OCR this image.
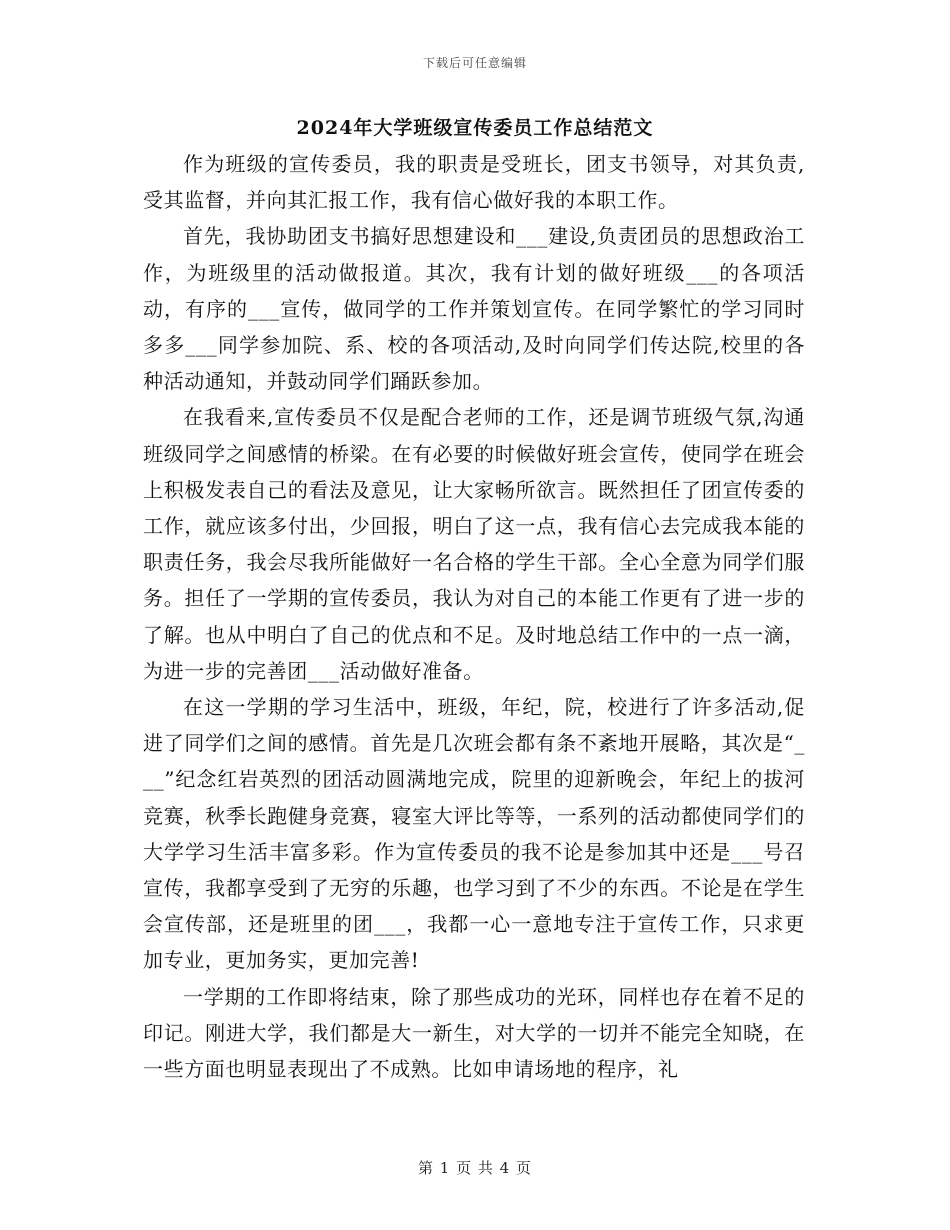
下载后可任意编辑
2024年大学班级宣传委员工作总结范文

作为班级的宣传委员，我的职责是受班长，团支书领导，对其负责,受其监督，并向其汇报工作，我有信心做好我的本职工作。

首先，我协助团支书搞好思想建设和___建设,负责团员的思想政治工作，为班级里的活动做报道。其次，我有计划的做好班级___的各项活动，有序的___宣传，做同学的工作并策划宣传。在同学繁忙的学习同时多多___同学参加院、系、校的各项活动,及时向同学们传达院,校里的各种活动通知，并鼓动同学们踊跃参加。

在我看来,宣传委员不仅是配合老师的工作，还是调节班级气氛,沟通班级同学之间感情的桥梁。在有必要的时候做好班会宣传，使同学在班会上积极发表自己的看法及意见，让大家畅所欲言。既然担任了团宣传委的工作，就应该多付出，少回报，明白了这一点，我有信心去完成我本能的职责任务，我会尽我所能做好一名合格的学生干部。全心全意为同学们服务。担任了一学期的宣传委员，我认为对自己的本能工作更有了进一步的了解。也从中明白了自己的优点和不足。及时地总结工作中的一点一滴，为进一步的完善团___活动做好准备。

在这一学期的学习生活中，班级，年纪，院，校进行了许多活动,促进了同学们之间的感情。首先是几次班会都有条不紊地开展略，其次是“___”纪念红岩英烈的团活动圆满地完成，院里的迎新晚会，年纪上的拔河竞赛，秋季长跑健身竞赛，寝室大评比等等，一系列的活动都使同学们的大学学习生活丰富多彩。作为宣传委员的我不论是参加其中还是___号召宣传，我都享受到了无穷的乐趣，也学习到了不少的东西。不论是在学生会宣传部，还是班里的团___，我都一心一意地专注于宣传工作，只求更加专业，更加务实，更加完善!

一学期的工作即将结束，除了那些成功的光环，同样也存在着不足的印记。刚进大学，我们都是大一新生，对大学的一切并不能完全知晓，在一些方面也明显表现出了不成熟。比如申请场地的程序，礼

第 1 页 共 4 页
